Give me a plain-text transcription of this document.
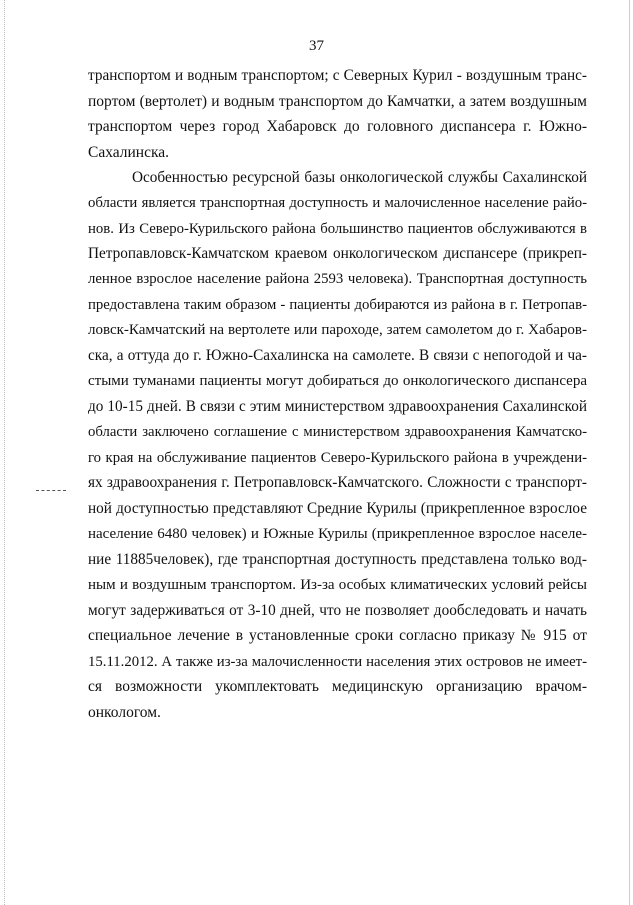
37
транспортом и водным транспортом; с Северных Курил - воздушным транс-
портом (вертолет) и водным транспортом до Камчатки, а затем воздушным
транспортом через город Хабаровск до головного диспансера г. Южно-
Сахалинска.
Особенностью ресурсной базы онкологической службы Сахалинской
области является транспортная доступность и малочисленное население райо-
нов. Из Северо-Курильского района большинство пациентов обслуживаются в
Петропавловск-Камчатском краевом онкологическом диспансере (прикреп-
ленное взрослое население района 2593 человека). Транспортная доступность
предоставлена таким образом - пациенты добираются из района в г. Петропав-
ловск-Камчатский на вертолете или пароходе, затем самолетом до г. Хабаров-
ска, а оттуда до г. Южно-Сахалинска на самолете. В связи с непогодой и ча-
стыми туманами пациенты могут добираться до онкологического диспансера
до 10-15 дней. В связи с этим министерством здравоохранения Сахалинской
области заключено соглашение с министерством здравоохранения Камчатско-
го края на обслуживание пациентов Северо-Курильского района в учреждени-
ях здравоохранения г. Петропавловск-Камчатского. Сложности с транспорт-
ной доступностью представляют Средние Курилы (прикрепленное взрослое
население 6480 человек) и Южные Курилы (прикрепленное взрослое населе-
ние 11885человек), где транспортная доступность представлена только вод-
ным и воздушным транспортом. Из-за особых климатических условий рейсы
могут задерживаться от 3-10 дней, что не позволяет дообследовать и начать
специальное лечение в установленные сроки согласно приказу № 915 от
15.11.2012. А также из-за малочисленности населения этих островов не имеет-
ся возможности укомплектовать медицинскую организацию врачом-
онкологом.
